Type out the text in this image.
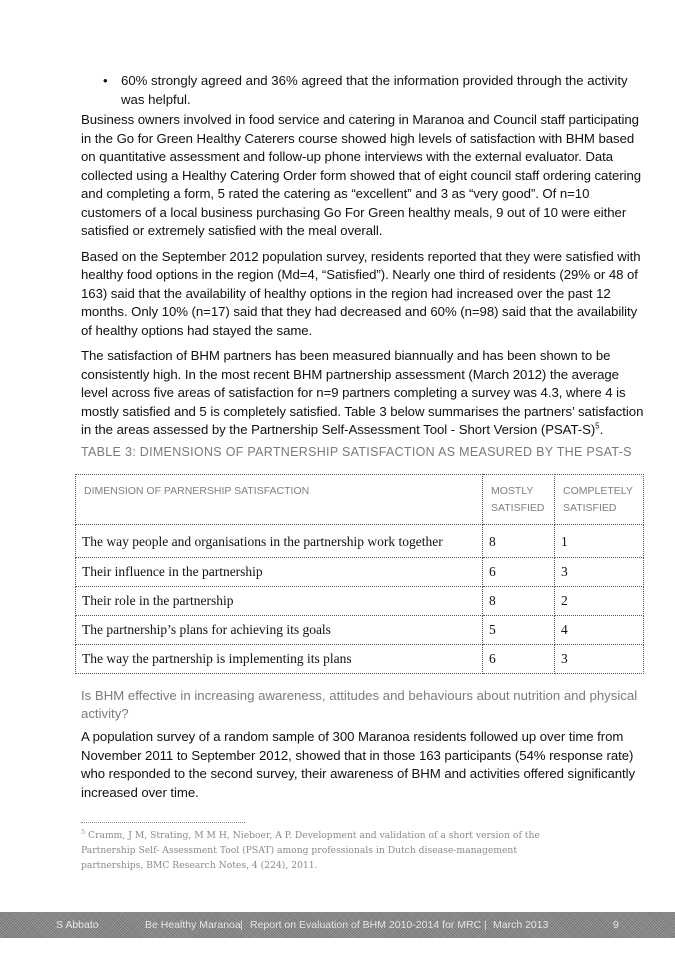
• 60% strongly agreed and 36% agreed that the information provided through the activity was helpful.

Business owners involved in food service and catering in Maranoa and Council staff participating in the Go for Green Healthy Caterers course showed high levels of satisfaction with BHM based on quantitative assessment and follow-up phone interviews with the external evaluator. Data collected using a Healthy Catering Order form showed that of eight council staff ordering catering and completing a form, 5 rated the catering as “excellent” and 3 as “very good”. Of n=10 customers of a local business purchasing Go For Green healthy meals, 9 out of 10 were either satisfied or extremely satisfied with the meal overall.

Based on the September 2012 population survey, residents reported that they were satisfied with healthy food options in the region (Md=4, “Satisfied”). Nearly one third of residents (29% or 48 of 163) said that the availability of healthy options in the region had increased over the past 12 months. Only 10% (n=17) said that they had decreased and 60% (n=98) said that the availability of healthy options had stayed the same.

The satisfaction of BHM partners has been measured biannually and has been shown to be consistently high. In the most recent BHM partnership assessment (March 2012) the average level across five areas of satisfaction for n=9 partners completing a survey was 4.3, where 4 is mostly satisfied and 5 is completely satisfied. Table 3 below summarises the partners’ satisfaction in the areas assessed by the Partnership Self-Assessment Tool - Short Version (PSAT-S)$^5$.

TABLE 3: DIMENSIONS OF PARTNERSHIP SATISFACTION AS MEASURED BY THE PSAT-S
DIMENSION OF PARNERSHIP SATISFACTION	MOSTLY SATISFIED	COMPLETELY SATISFIED
The way people and organisations in the partnership work together	8	1
Their influence in the partnership	6	3
Their role in the partnership	8	2
The partnership’s plans for achieving its goals	5	4
The way the partnership is implementing its plans	6	3
Is BHM effective in increasing awareness, attitudes and behaviours about nutrition and physical activity?

A population survey of a random sample of 300 Maranoa residents followed up over time from November 2011 to September 2012, showed that in those 163 participants (54% response rate) who responded to the second survey, their awareness of BHM and activities offered significantly increased over time.

$^5$ Cramm, J M, Strating, M M H, Nieboer, A P. Development and validation of a short version of the Partnership Self- Assessment Tool (PSAT) among professionals in Dutch disease-management partnerships, BMC Research Notes, 4 (224), 2011.
S Abbato	Be Healthy Maranoa | Report on Evaluation of BHM 2010-2014 for MRC | March 2013	9
